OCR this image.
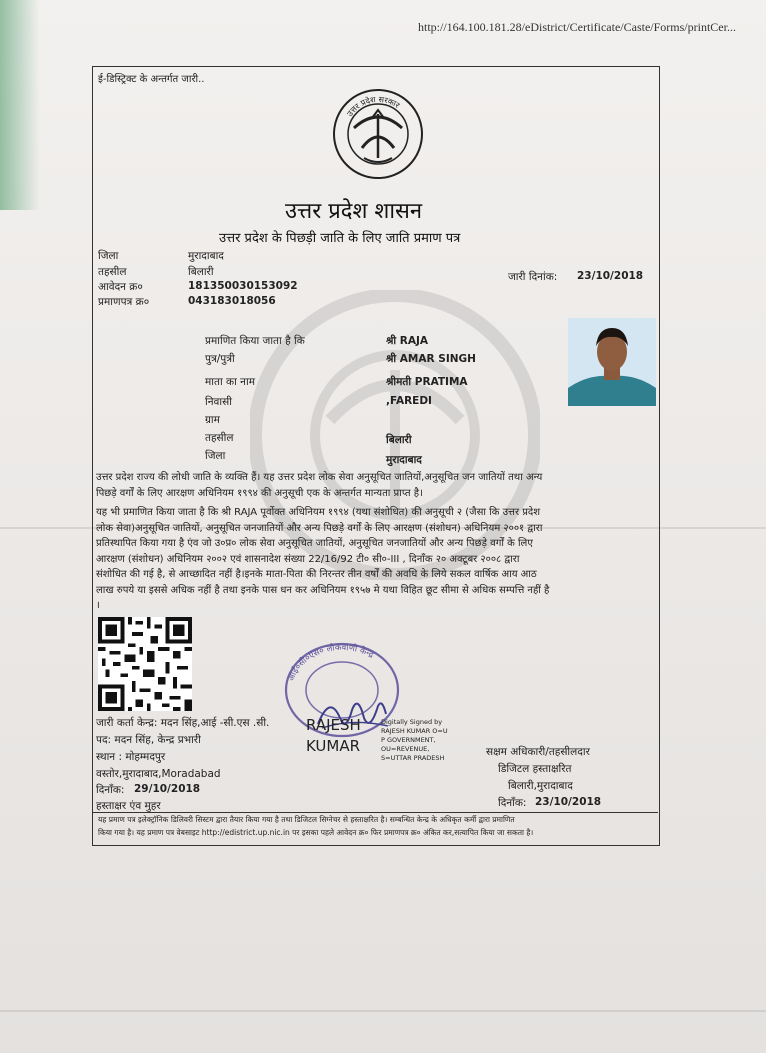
http://164.100.181.28/eDistrict/Certificate/Caste/Forms/printCer...
ई-डिस्ट्रिक्ट के अन्तर्गत जारी..
उत्तर प्रदेश सरकार
उत्तर प्रदेश शासन
उत्तर प्रदेश के पिछड़ी जाति के लिए जाति प्रमाण पत्र
जिला	मुरादाबाद
तहसील	बिलारी
आवेदन क्र०	181350030153092
प्रमाणपत्र क्र०	043183018056
जारी दिनांक: 23/10/2018
प्रमाणित किया जाता है कि	श्री RAJA
पुत्र/पुत्री	श्री AMAR SINGH
माता का नाम	श्रीमती PRATIMA
निवासी	,FAREDI
ग्राम
तहसील	बिलारी
जिला	मुरादाबाद
उत्तर प्रदेश राज्य की लोधी जाति के व्यक्ति हैं। यह उत्तर प्रदेश लोक सेवा अनुसूचित जातियों,अनुसूचित जन जातियों तथा अन्य
पिछड़े वर्गों के लिए आरक्षण अधिनियम १९९४ की अनुसूची एक के अन्तर्गत मान्यता प्राप्त है।
यह भी प्रमाणित किया जाता है कि श्री RAJA पूर्वोक्त अधिनियम १९९४ (यथा संशोधित) की अनुसूची २ (जैसा कि उत्तर प्रदेश
लोक सेवा)अनुसूचित जातियों, अनुसूचित जनजातियों और अन्य पिछड़े वर्गों के लिए आरक्षण (संशोधन) अधिनियम २००१ द्वारा
प्रतिस्थापित किया गया है एंव जो उ०प्र० लोक सेवा अनुसूचित जातियों, अनुसूचित जनजातियों और अन्य पिछड़े वर्गों के लिए
आरक्षण (संशोधन) अधिनियम २००२ एवं शासनादेश संख्या 22/16/92 टी० सी०-III , दिनाँक २० अक्टूबर २००८ द्वारा
संशोधित की गई है, से आच्छादित नहीं है।इनके माता-पिता की निरन्तर तीन वर्षों की अवधि के लिये सकल वार्षिक आय आठ
लाख रुपये या इससे अधिक नहीं है तथा इनके पास धन कर अधिनियम १९५७ मे यथा विहित छूट सीमा से अधिक सम्पत्ति नहीं है
।
आई०सी०एस० लोकवाणी केन्द्र
RAJESH
KUMAR
Digitally Signed by
RAJESH KUMAR O=U
P GOVERNMENT,
OU=REVENUE,
S=UTTAR PRADESH
जारी कर्ता केन्द्र: मदन सिंह,आई -सी.एस .सी.
पद: मदन सिंह, केन्द्र प्रभारी
स्थान : मोहम्मदपुर
वस्तोर,मुरादाबाद,Moradabad
दिनाँक: 29/10/2018
हस्ताक्षर एंव मुहर
सक्षम अधिकारी/तहसीलदार
डिजिटल हस्ताक्षरित
बिलारी,मुरादाबाद
दिनाँक: 23/10/2018
यह प्रमाण पत्र इलेक्ट्रॉनिक डिलिवरी सिस्टम द्वारा तैयार किया गया है तथा डिजिटल सिग्नेचर से हस्ताक्षरित है। सम्बन्धित केन्द्र के अधिकृत कर्मी द्वारा प्रमाणित
किया गया है। यह प्रमाण पत्र वेबसाइट http://edistrict.up.nic.in पर इसका पहले आवेदन क्र० फिर प्रमाणपत्र क्र० अंकित कर,सत्यापित किया जा सकता है।
